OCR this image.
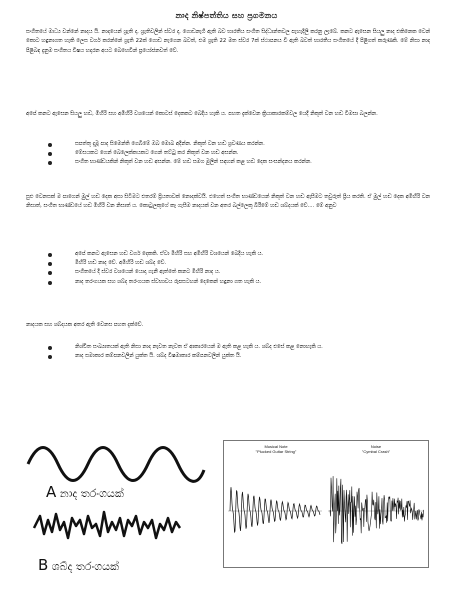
නාද නිෂ්පත්තිය සහ ප්‍රගමනය

සංගීතයේ මාධ්‍ය වන්නේ නාදය යි. නාදයෙන් ශ්‍රැති ද, ශ්‍රැතිවලින් ස්වර ද, ගොඩනැගී ඇති බව භාරතීය සංගීත සිද්ධාන්තවල පැහැදිලි කරනු ලැබේ. කනට ඇසෙන සියලු නාද එකිනෙක වෙන් කොට හඳුනාගත හැකි ලෙස වර්ග කරන්නේ ශ්‍රැති 22ක් ගොඩ නැගෙන බවත්, එම ශ්‍රැති 22 මත ස්වර 7ක් ස්ථාපනය වී ඇති බවත් භාරතීය සංගීතයේ දී පිළිගත් කරුණකි. මේ නිසා නාද පිළිබඳ දැනුම සංගීතය විෂය හදාරන අයට බෙහෙවින් ප්‍රයෝජනවත් වේ.

අපේ කනට ඇසෙන සියලු හඬ, මිහිරි සහ අමිහිරි වශයෙන් කොටස් දෙකකට බෙදිය හැකි ය. පහත දැක්වෙන ක්‍රියාකාරකම්වල යෙදී නිකුත් වන හඬ විමසා බලන්න.

සපත්තු දැමූ පාද සිමෙන්ති ගෙබිමේ ඔබ මොබ අදින්න. නිකුත් වන හඬ ශ්‍රවණය කරන්න.
මේසයකට ගෙන් බෙලෙක්කයකට ගෙන් තට්ටු කර නිකුත් වන හඬ අසන්න.
සංගීත භාණ්ඩයකින් නිකුත් වන හඬ අසන්න. මේ හඬ සමග මුලින් සඳහන් කළ හඬ දෙක සංසන්දනය කරන්න.

සුළු වෙනසක් ම පාගෙන් මුල් හඬ දෙක අසා සිටීමට එතරම් ප්‍රියතාවක් නොදක්වයි. එහෙත් සංගීත භාණ්ඩයෙන් නිකුත් වන හඬ ඇසීමට තවුරුත් ප්‍රිය කරති. ඒ මුල් හඬ දෙක අමිහිරි වන නිසාත්, සංගීත භාණ්ඩයේ හඬ මිහිරි වන නිසාත් ය. කොටුලකුගේ කෑ ගැසීම නාදයක් වන අතර බල්ලෙකු බිරීමේ හඬ ශබ්දයක් වේ.... මේ අනුව

අපේ කනට ඇසෙන හඬ වර්ග දෙකකි. ඒවා මිහිරි සහ අමිහිරි වශයෙන් බෙදිය හැකි ය.
මිහිරි හඬ නාද වේ. අමිහිරි හඬ ශබ්ද වේ.
සංගීතයේ දී ස්වර වශයෙන් යොදා ගැනී ඇත්තේ කනට මිහිරි නාද ය.
නාද තරංගයක සහ ශබ්ද තරංගයක ස්වභාවය රූපසටහන් දෙකෙන් හඳුනා ගත හැකි ය.

නාදයක සහ ශබ්දයක අතර ඇති වෙනස පහත දැක්වේ.

නිශ්චිත සංඛ්‍යාතයක් ඇති නිසා නාද නැවත නැවත ඒ ආකාරයෙන් ම ඇති කළ හැකි ය. ශබ්ද එසේ කළ නොහැකි ය.
නාද සමාකාර කම්පනවලින් යුක්ත යි. ශබ්ද විෂමාකාර කම්පනවලින් යුක්ත යි.
A නාද තරංගයක්
B ශබ්ද තරංගයක්
Musical Note
"Plucked Guitar String"
Noise
"Cymbal Crash"
